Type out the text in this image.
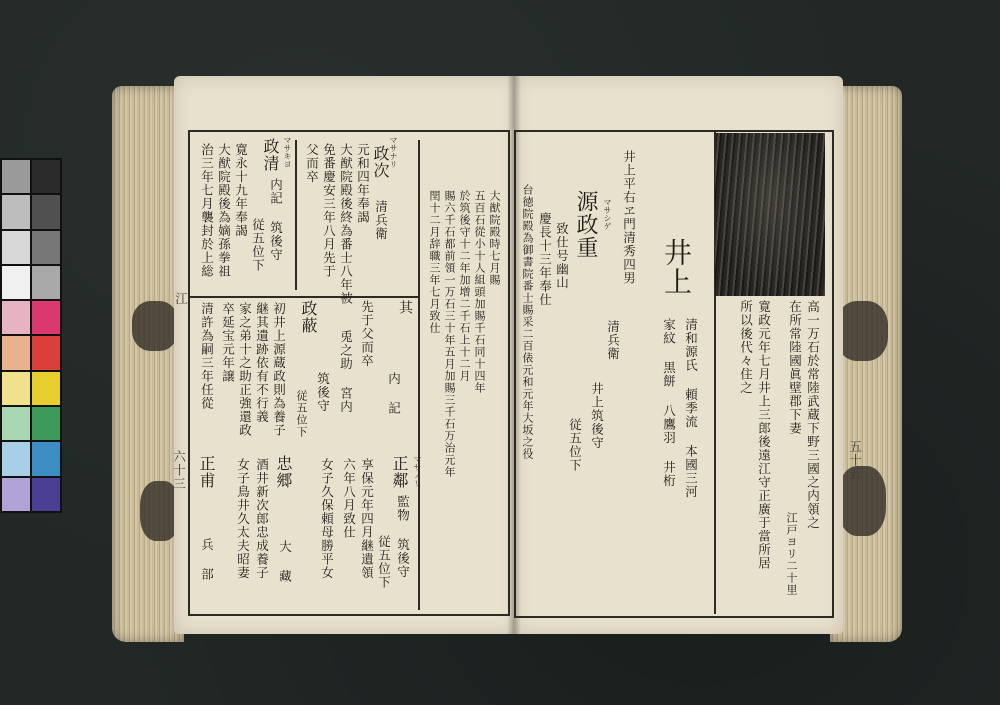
大猷院殿時七月賜
五百石從小十人組頭加賜千石同十四年
於筑後守十二年加增二千石上十二月
賜六千石都前領一万石三十年五月加賜三千石万治元年
閏十二月辞職三年七月致仕
マサナリ
政次
清兵衛
元和四年奉謁
大猷院殿後終為番士八年被
免番慶安三年八月先于
父而卒
マサキヨ
政清
内記 筑後守
従五位下
寛永十九年奉謁
大猷院殿後為嫡孫拳祖
治三年七月襲封於上総
其
内 記
政蔽	先于父而卒
兎之助 宮内
筑後守
従五位下
初井上源蔵政則為養子
継其遺跡依有不行義
家之弟十之助正強還政
清許為嗣三年任從 卒延宝元年譲
マサノリ
正鄰
監物 筑後守
従五位下
享保元年四月継遺領
六年八月致仕
女子久保頼母勝平女
忠郷
大 藏
酒井新次郎忠成養子
女子鳥井久太夫昭妻
正甫
兵 部
江
六十三
井上平右ヱ門清秀四男 井上
マサシゲ
源政重
致仕号幽山
慶長十三年奉仕
台徳院殿為御書院番士賜采二百俵元和元年大坂之役	清兵衛	清和源氏 頼季流 本國三河
家紋 黒餅 八鷹羽 井桁
井上筑後守
従五位下	高一万石於常陸武蔵下野三國之内領之
在所常陸國眞壁郡下妻
江戸ヨリ二十里
寛政元年七月井上三郎後遠江守正廣于當所居
所以後代々住之
五十五
